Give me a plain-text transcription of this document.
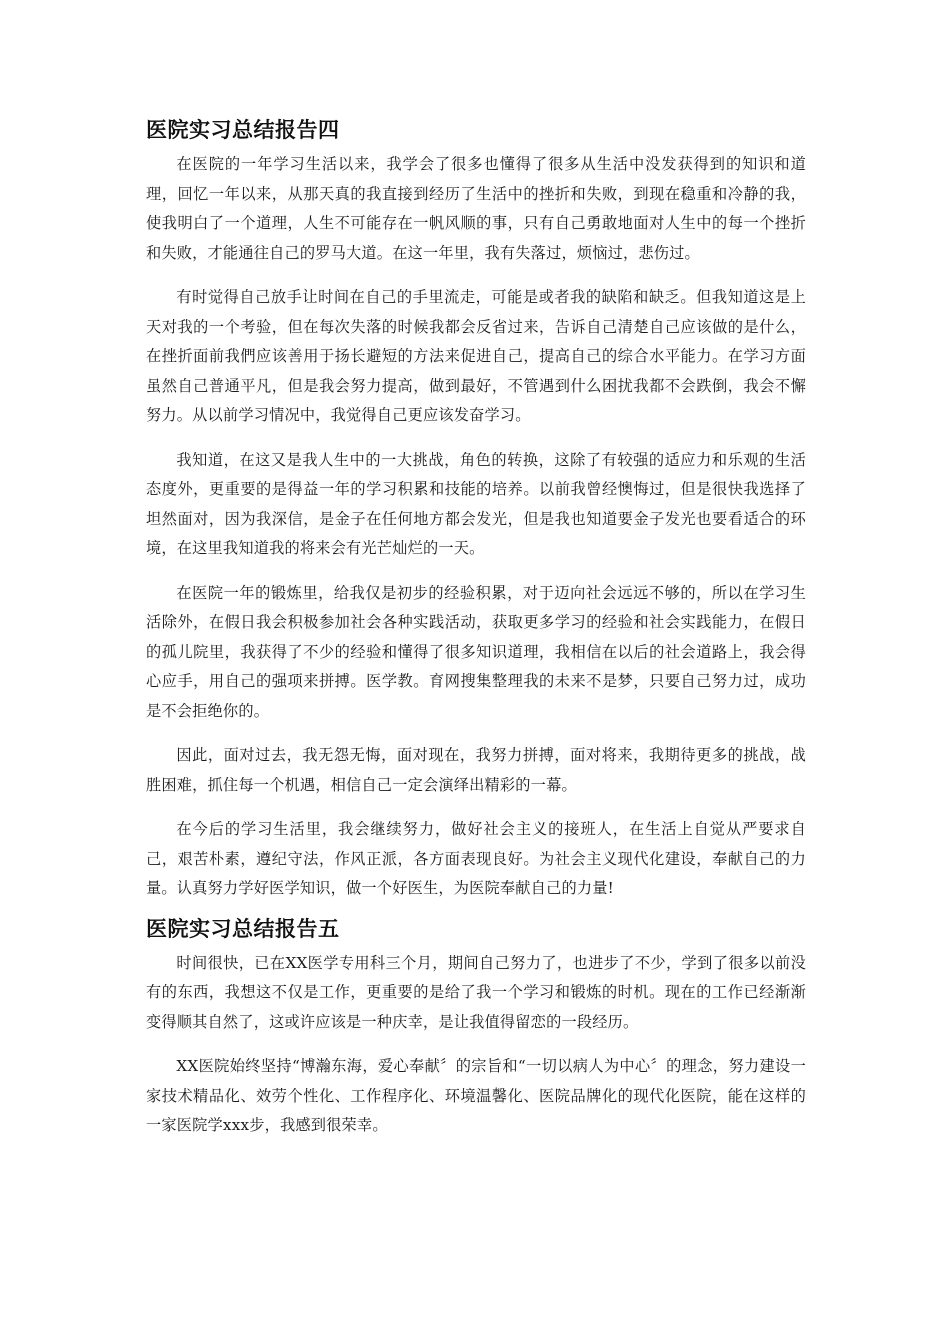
医院实习总结报告四

在医院的一年学习生活以来，我学会了很多也懂得了很多从生活中没发获得到的知识和道理，回忆一年以来，从那天真的我直接到经历了生活中的挫折和失败，到现在稳重和冷静的我，使我明白了一个道理，人生不可能存在一帆风顺的事，只有自己勇敢地面对人生中的每一个挫折和失败，才能通往自己的罗马大道。在这一年里，我有失落过，烦恼过，悲伤过。

有时觉得自己放手让时间在自己的手里流走，可能是或者我的缺陷和缺乏。但我知道这是上天对我的一个考验，但在每次失落的时候我都会反省过来，告诉自己清楚自己应该做的是什么，在挫折面前我們应该善用于扬长避短的方法来促进自己，提高自己的综合水平能力。在学习方面虽然自己普通平凡，但是我会努力提高，做到最好，不管遇到什么困扰我都不会跌倒，我会不懈努力。从以前学习情况中，我觉得自己更应该发奋学习。

我知道，在这又是我人生中的一大挑战，角色的转换，这除了有较强的适应力和乐观的生活态度外，更重要的是得益一年的学习积累和技能的培养。以前我曾经懊悔过，但是很快我选择了坦然面对，因为我深信，是金子在任何地方都会发光，但是我也知道要金子发光也要看适合的环境，在这里我知道我的将来会有光芒灿烂的一天。

在医院一年的锻炼里，给我仅是初步的经验积累，对于迈向社会远远不够的，所以在学习生活除外，在假日我会积极参加社会各种实践活动，获取更多学习的经验和社会实践能力，在假日的孤儿院里，我获得了不少的经验和懂得了很多知识道理，我相信在以后的社会道路上，我会得心应手，用自己的强项来拼搏。医学教。育网搜集整理我的未来不是梦，只要自己努力过，成功是不会拒绝你的。

因此，面对过去，我无怨无悔，面对现在，我努力拼搏，面对将来，我期待更多的挑战，战胜困难，抓住每一个机遇，相信自己一定会演绎出精彩的一幕。

在今后的学习生活里，我会继续努力，做好社会主义的接班人，在生活上自觉从严要求自己，艰苦朴素，遵纪守法，作风正派，各方面表现良好。为社会主义现代化建设，奉献自己的力量。认真努力学好医学知识，做一个好医生，为医院奉献自己的力量!

医院实习总结报告五

时间很快，已在XX医学专用科三个月，期间自己努力了，也进步了不少，学到了很多以前没有的东西，我想这不仅是工作，更重要的是给了我一个学习和锻炼的时机。现在的工作已经渐渐变得顺其自然了，这或许应该是一种庆幸，是让我值得留恋的一段经历。

XX医院始终坚持“博瀚东海，爱心奉献〞的宗旨和“一切以病人为中心〞的理念，努力建设一家技术精品化、效劳个性化、工作程序化、环境温馨化、医院品牌化的现代化医院，能在这样的一家医院学xxx步，我感到很荣幸。
